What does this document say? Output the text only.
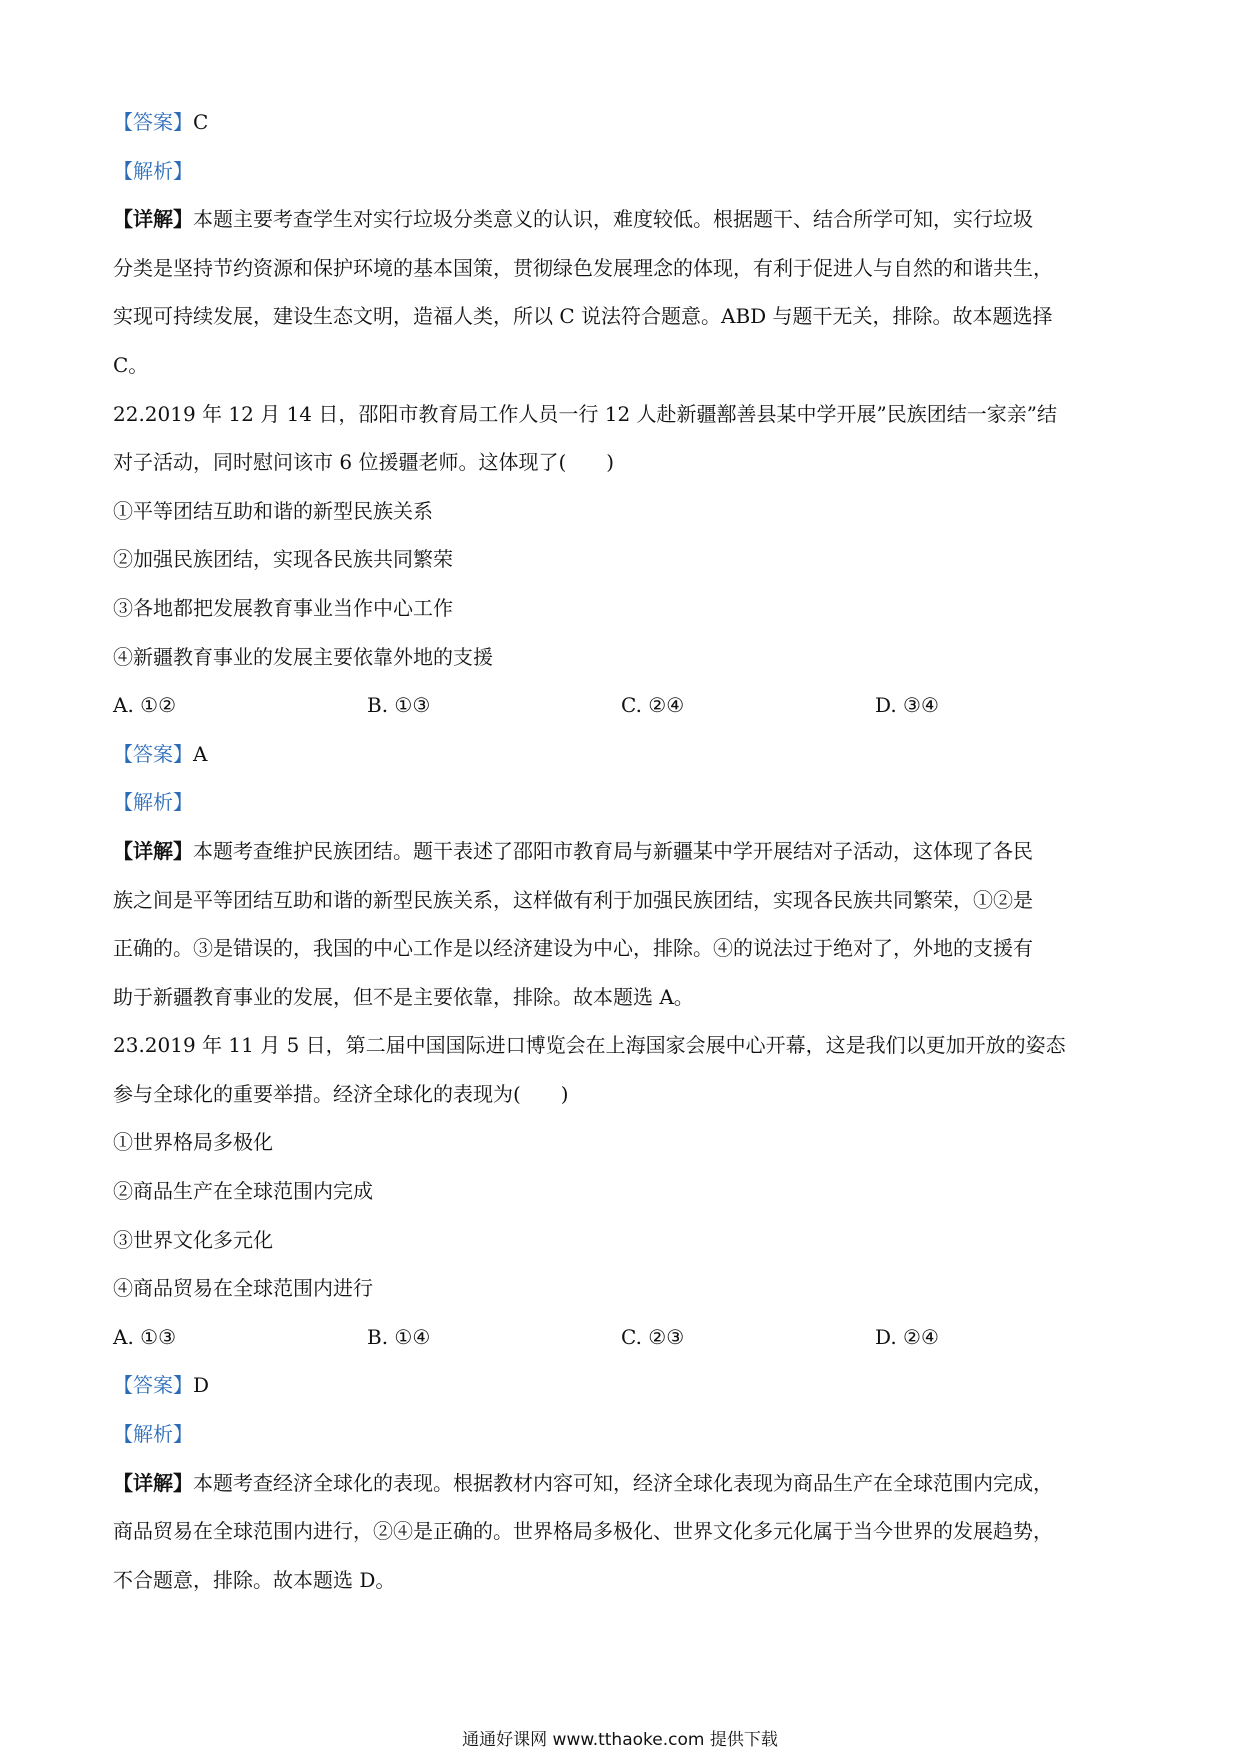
【答案】C
【解析】
【详解】本题主要考查学生对实行垃圾分类意义的认识，难度较低。根据题干、结合所学可知，实行垃圾
分类是坚持节约资源和保护环境的基本国策，贯彻绿色发展理念的体现，有利于促进人与自然的和谐共生，
实现可持续发展，建设生态文明，造福人类，所以 C 说法符合题意。ABD 与题干无关，排除。故本题选择
C。
22.2019 年 12 月 14 日，邵阳市教育局工作人员一行 12 人赴新疆鄯善县某中学开展”民族团结一家亲”结
对子活动，同时慰问该市 6 位援疆老师。这体现了(　　)
①平等团结互助和谐的新型民族关系
②加强民族团结，实现各民族共同繁荣
③各地都把发展教育事业当作中心工作
④新疆教育事业的发展主要依靠外地的支援
A. ①②	B. ①③	C. ②④	D. ③④
【答案】A
【解析】
【详解】本题考查维护民族团结。题干表述了邵阳市教育局与新疆某中学开展结对子活动，这体现了各民
族之间是平等团结互助和谐的新型民族关系，这样做有利于加强民族团结，实现各民族共同繁荣，①②是
正确的。③是错误的，我国的中心工作是以经济建设为中心，排除。④的说法过于绝对了，外地的支援有
助于新疆教育事业的发展，但不是主要依靠，排除。故本题选 A。
23.2019 年 11 月 5 日，第二届中国国际进口博览会在上海国家会展中心开幕，这是我们以更加开放的姿态
参与全球化的重要举措。经济全球化的表现为(　　)
①世界格局多极化
②商品生产在全球范围内完成
③世界文化多元化
④商品贸易在全球范围内进行
A. ①③	B. ①④	C. ②③	D. ②④
【答案】D
【解析】
【详解】本题考查经济全球化的表现。根据教材内容可知，经济全球化表现为商品生产在全球范围内完成，
商品贸易在全球范围内进行，②④是正确的。世界格局多极化、世界文化多元化属于当今世界的发展趋势，
不合题意，排除。故本题选 D。
通通好课网 www.tthaoke.com 提供下载
